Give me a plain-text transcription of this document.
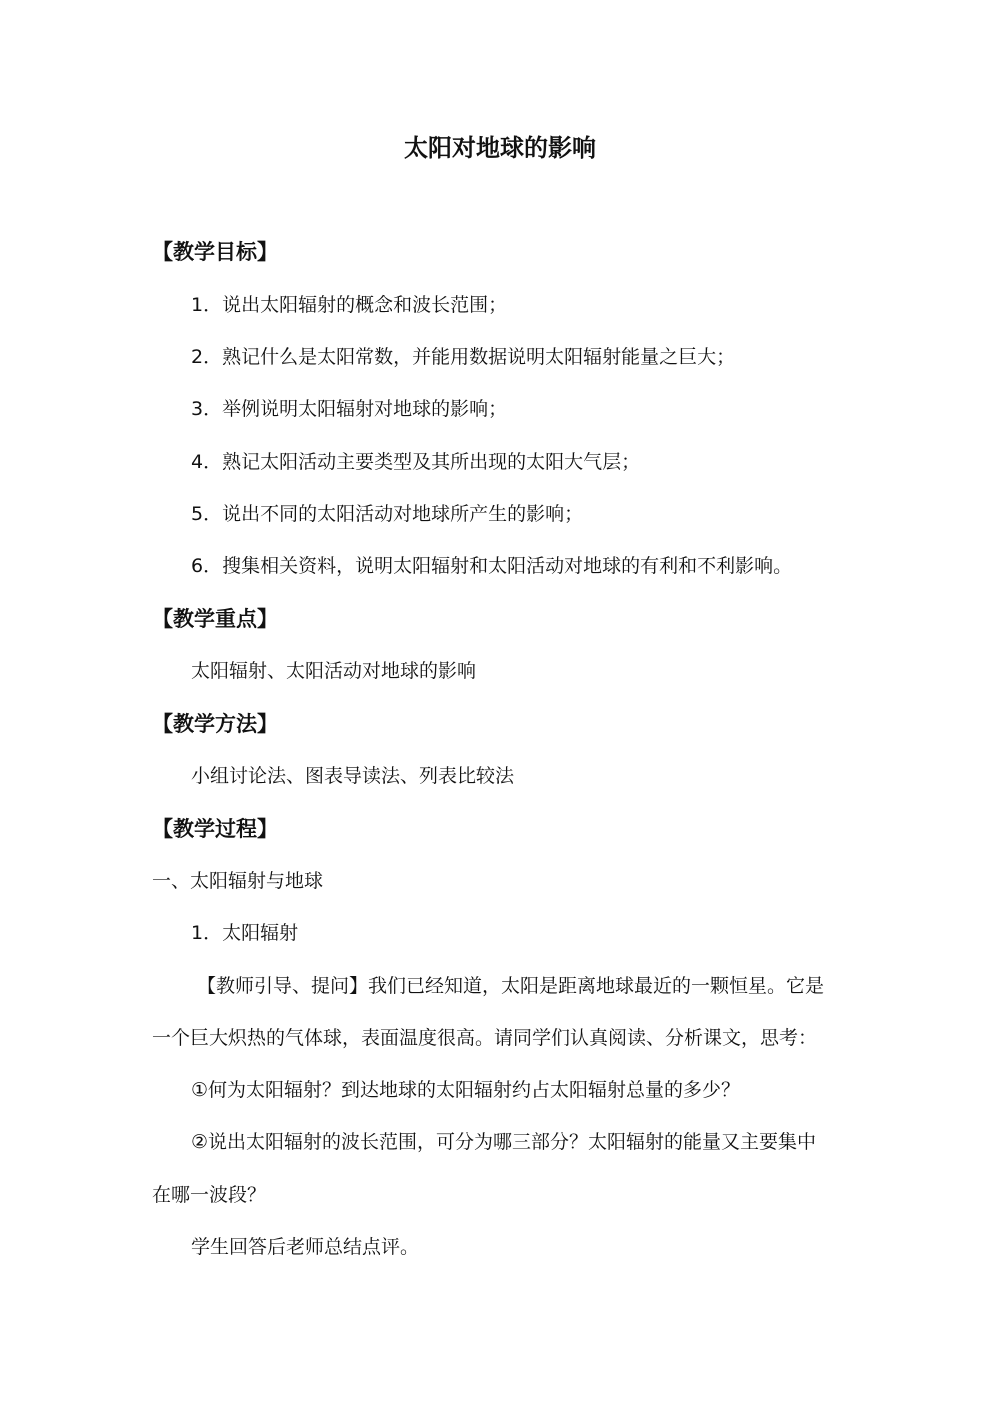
太阳对地球的影响
【教学目标】
1．说出太阳辐射的概念和波长范围；
2．熟记什么是太阳常数，并能用数据说明太阳辐射能量之巨大；
3．举例说明太阳辐射对地球的影响；
4．熟记太阳活动主要类型及其所出现的太阳大气层；
5．说出不同的太阳活动对地球所产生的影响；
6．搜集相关资料，说明太阳辐射和太阳活动对地球的有利和不利影响。
【教学重点】
太阳辐射、太阳活动对地球的影响
【教学方法】
小组讨论法、图表导读法、列表比较法
【教学过程】
一、太阳辐射与地球
1．太阳辐射
【教师引导、提问】我们已经知道，太阳是距离地球最近的一颗恒星。它是
一个巨大炽热的气体球，表面温度很高。请同学们认真阅读、分析课文，思考：
①何为太阳辐射？到达地球的太阳辐射约占太阳辐射总量的多少？
②说出太阳辐射的波长范围，可分为哪三部分？太阳辐射的能量又主要集中
在哪一波段？
学生回答后老师总结点评。
